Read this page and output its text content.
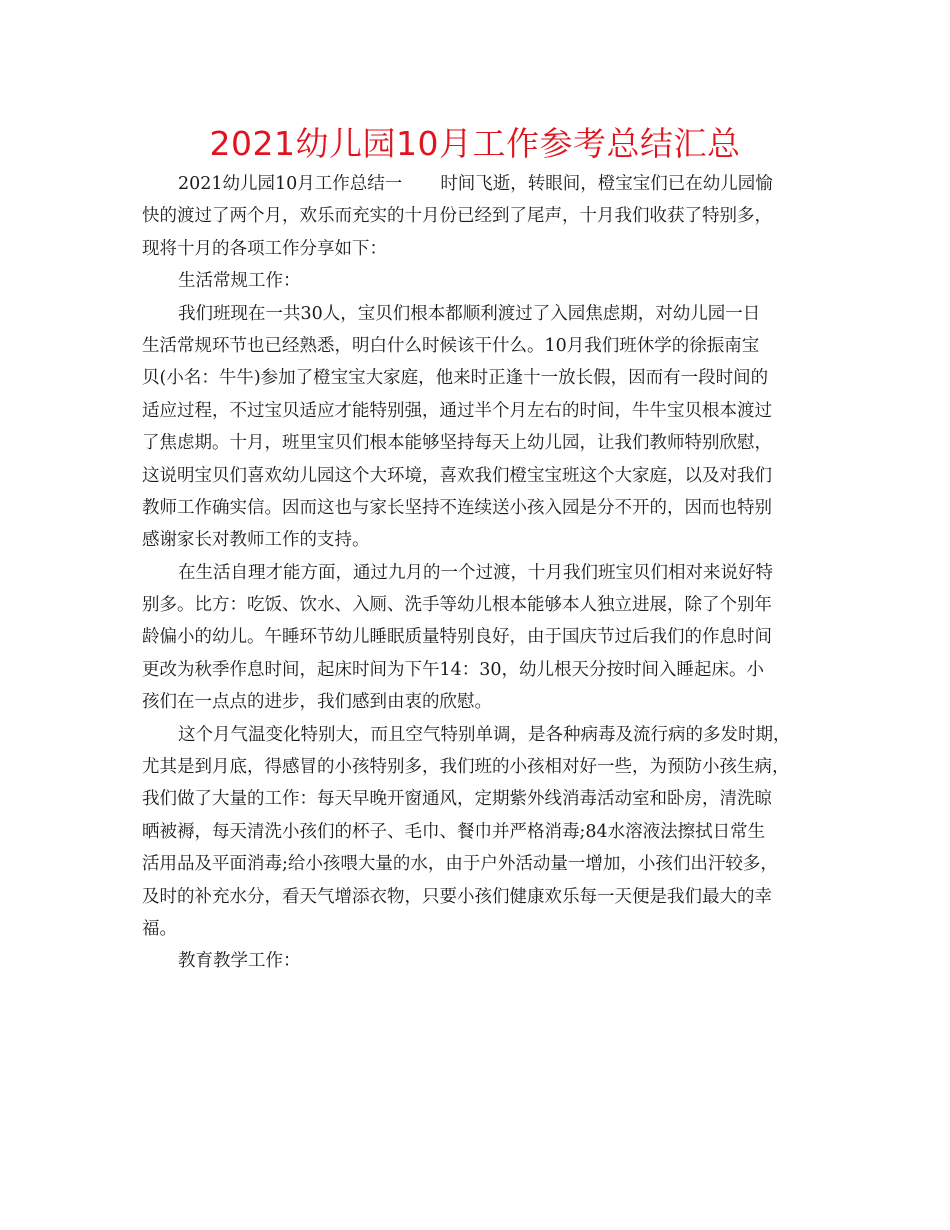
2021幼儿园10月工作参考总结汇总
2021幼儿园10月工作总结一 时间飞逝，转眼间，橙宝宝们已在幼儿园愉
快的渡过了两个月，欢乐而充实的十月份已经到了尾声，十月我们收获了特别多，
现将十月的各项工作分享如下：
生活常规工作：
我们班现在一共30人，宝贝们根本都顺利渡过了入园焦虑期，对幼儿园一日
生活常规环节也已经熟悉，明白什么时候该干什么。10月我们班休学的徐振南宝
贝(小名：牛牛)参加了橙宝宝大家庭，他来时正逢十一放长假，因而有一段时间的
适应过程，不过宝贝适应才能特别强，通过半个月左右的时间，牛牛宝贝根本渡过
了焦虑期。十月，班里宝贝们根本能够坚持每天上幼儿园，让我们教师特别欣慰，
这说明宝贝们喜欢幼儿园这个大环境，喜欢我们橙宝宝班这个大家庭，以及对我们
教师工作确实信。因而这也与家长坚持不连续送小孩入园是分不开的，因而也特别
感谢家长对教师工作的支持。
在生活自理才能方面，通过九月的一个过渡，十月我们班宝贝们相对来说好特
别多。比方：吃饭、饮水、入厕、洗手等幼儿根本能够本人独立进展，除了个别年
龄偏小的幼儿。午睡环节幼儿睡眠质量特别良好，由于国庆节过后我们的作息时间
更改为秋季作息时间，起床时间为下午14：30，幼儿根天分按时间入睡起床。小
孩们在一点点的进步，我们感到由衷的欣慰。
这个月气温变化特别大，而且空气特别单调，是各种病毒及流行病的多发时期，
尤其是到月底，得感冒的小孩特别多，我们班的小孩相对好一些，为预防小孩生病，
我们做了大量的工作：每天早晚开窗通风，定期紫外线消毒活动室和卧房，清洗晾
晒被褥，每天清洗小孩们的杯子、毛巾、餐巾并严格消毒;84水溶液法擦拭日常生
活用品及平面消毒;给小孩喂大量的水，由于户外活动量一增加，小孩们出汗较多，
及时的补充水分，看天气增添衣物，只要小孩们健康欢乐每一天便是我们最大的幸
福。
教育教学工作：
